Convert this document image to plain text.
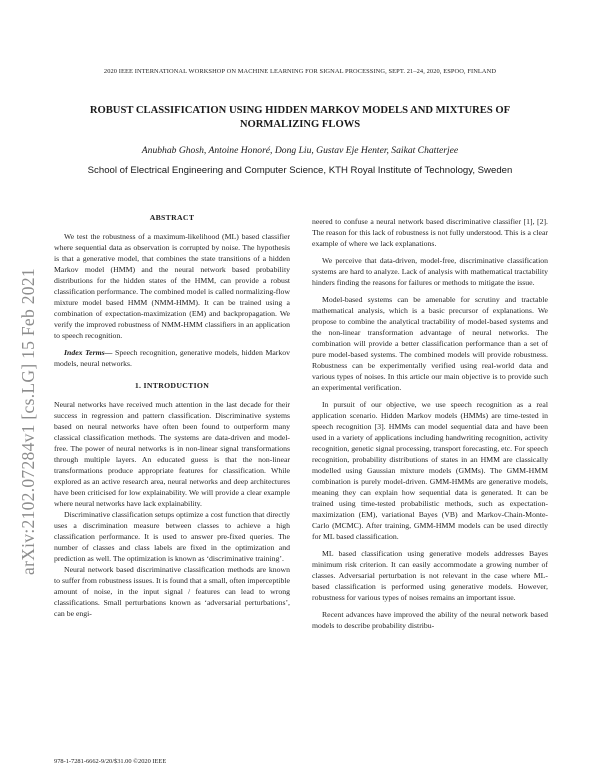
arXiv:2102.07284v1 [cs.LG] 15 Feb 2021
2020 IEEE INTERNATIONAL WORKSHOP ON MACHINE LEARNING FOR SIGNAL PROCESSING, SEPT. 21–24, 2020, ESPOO, FINLAND
ROBUST CLASSIFICATION USING HIDDEN MARKOV MODELS AND MIXTURES OF NORMALIZING FLOWS
Anubhab Ghosh, Antoine Honoré, Dong Liu, Gustav Eje Henter, Saikat Chatterjee
School of Electrical Engineering and Computer Science, KTH Royal Institute of Technology, Sweden
ABSTRACT

We test the robustness of a maximum-likelihood (ML) based classifier where sequential data as observation is corrupted by noise. The hypothesis is that a generative model, that combines the state transitions of a hidden Markov model (HMM) and the neural network based probability distributions for the hidden states of the HMM, can provide a robust classification performance. The combined model is called normalizing-flow mixture model based HMM (NMM-HMM). It can be trained using a combination of expectation-maximization (EM) and backpropagation. We verify the improved robustness of NMM-HMM classifiers in an application to speech recognition.

Index Terms— Speech recognition, generative models, hidden Markov models, neural networks.

1. INTRODUCTION

Neural networks have received much attention in the last decade for their success in regression and pattern classification. Discriminative systems based on neural networks have often been found to outperform many classical classification methods. The systems are data-driven and model-free. The power of neural networks is in non-linear signal transformations through multiple layers. An educated guess is that the non-linear transformations produce appropriate features for classification. While explored as an active research area, neural networks and deep architectures have been criticised for low explainability. We will provide a clear example where neural networks have lack explainability.

Discriminative classification setups optimize a cost function that directly uses a discrimination measure between classes to achieve a high classification performance. It is used to answer pre-fixed queries. The number of classes and class labels are fixed in the optimization and prediction as well. The optimization is known as ‘discriminative training’.

Neural network based discriminative classification methods are known to suffer from robustness issues. It is found that a small, often imperceptible amount of noise, in the input signal / features can lead to wrong classifications. Small perturbations known as ‘adversarial perturbations’, can be engi-

neered to confuse a neural network based discriminative classifier [1], [2]. The reason for this lack of robustness is not fully understood. This is a clear example of where we lack explanations.

We perceive that data-driven, model-free, discriminative classification systems are hard to analyze. Lack of analysis with mathematical tractability hinders finding the reasons for failures or methods to mitigate the issue.

Model-based systems can be amenable for scrutiny and tractable mathematical analysis, which is a basic precursor of explanations. We propose to combine the analytical tractability of model-based systems and the non-linear transformation advantage of neural networks. The combination will provide a better classification performance than a set of pure model-based systems. The combined models will provide robustness. Robustness can be experimentally verified using real-world data and various types of noises. In this article our main objective is to provide such an experimental verification.

In pursuit of our objective, we use speech recognition as a real application scenario. Hidden Markov models (HMMs) are time-tested in speech recognition [3]. HMMs can model sequential data and have been used in a variety of applications including handwriting recognition, activity recognition, genetic signal processing, transport forecasting, etc. For speech recognition, probability distributions of states in an HMM are classically modelled using Gaussian mixture models (GMMs). The GMM-HMM combination is purely model-driven. GMM-HMMs are generative models, meaning they can explain how sequential data is generated. It can be trained using time-tested probabilistic methods, such as expectation-maximization (EM), variational Bayes (VB) and Markov-Chain-Monte-Carlo (MCMC). After training, GMM-HMM models can be used directly for ML based classification.

ML based classification using generative models addresses Bayes minimum risk criterion. It can easily accommodate a growing number of classes. Adversarial perturbation is not relevant in the case where ML-based classification is performed using generative models. However, robustness for various types of noises remains an important issue.

Recent advances have improved the ability of the neural network based models to describe probability distribu-

978-1-7281-6662-9/20/$31.00 ©2020 IEEE
